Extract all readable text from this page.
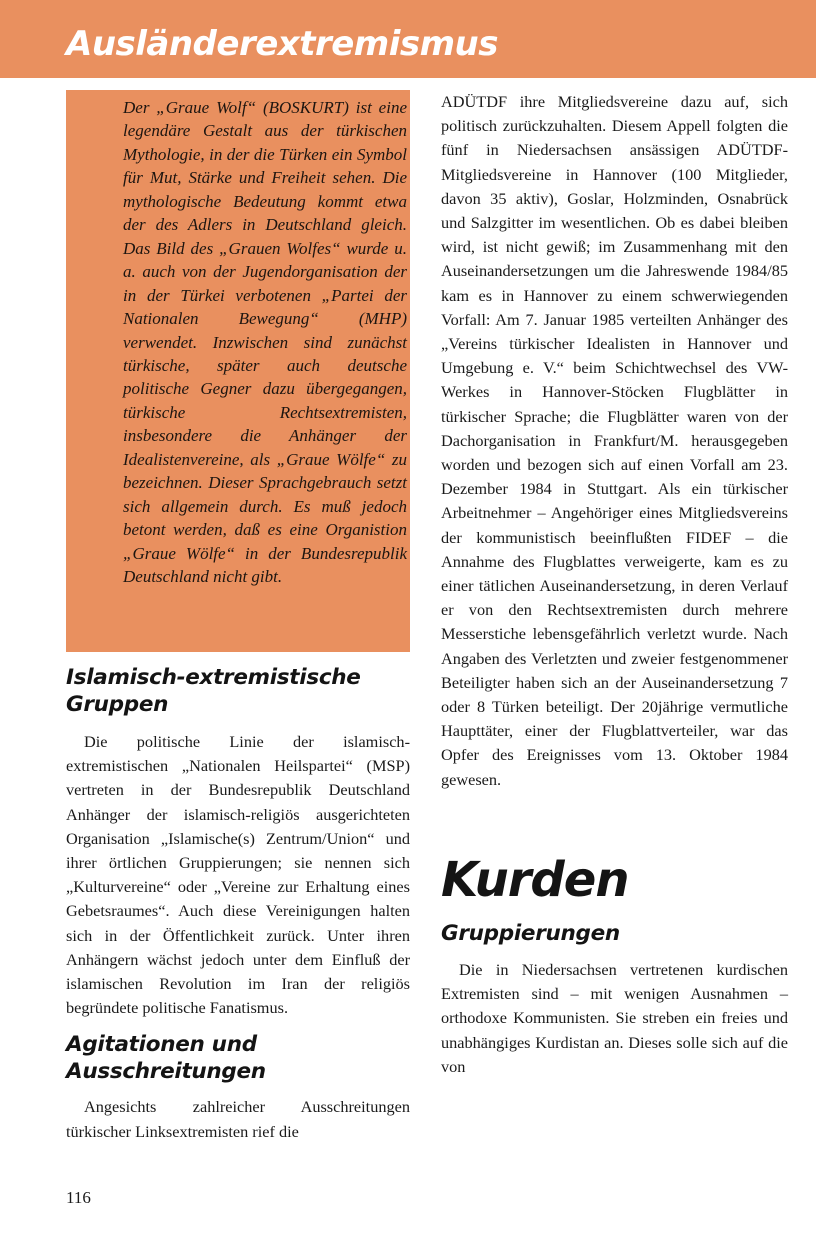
Ausländerextremismus

Der „Graue Wolf“ (BOSKURT) ist eine legendäre Gestalt aus der türkischen Mythologie, in der die Türken ein Symbol für Mut, Stärke und Freiheit sehen. Die mythologische Bedeutung kommt etwa der des Adlers in Deutschland gleich. Das Bild des „Grauen Wolfes“ wurde u. a. auch von der Jugendorganisation der in der Türkei verbotenen „Partei der Nationalen Bewegung“ (MHP) verwendet. Inzwischen sind zunächst türkische, später auch deutsche politische Gegner dazu übergegangen, türkische Rechtsextremisten, insbesondere die Anhänger der Idealistenvereine, als „Graue Wölfe“ zu bezeichnen. Dieser Sprachgebrauch setzt sich allgemein durch. Es muß jedoch betont werden, daß es eine Organistion „Graue Wölfe“ in der Bundesrepublik Deutschland nicht gibt.

Islamisch-extremistische Gruppen

Die politische Linie der islamisch-extremistischen „Nationalen Heilspartei“ (MSP) vertreten in der Bundesrepublik Deutschland Anhänger der islamisch-religiös ausgerichteten Organisation „Islamische(s) Zentrum/Union“ und ihrer örtlichen Gruppierungen; sie nennen sich „Kulturvereine“ oder „Vereine zur Erhaltung eines Gebetsraumes“. Auch diese Vereinigungen halten sich in der Öffentlichkeit zurück. Unter ihren Anhängern wächst jedoch unter dem Einfluß der islamischen Revolution im Iran der religiös begründete politische Fanatismus.

Agitationen und Ausschreitungen

Angesichts zahlreicher Ausschreitungen türkischer Linksextremisten rief die

ADÜTDF ihre Mitgliedsvereine dazu auf, sich politisch zurückzuhalten. Diesem Appell folgten die fünf in Niedersachsen ansässigen ADÜTDF-Mitgliedsvereine in Hannover (100 Mitglieder, davon 35 aktiv), Goslar, Holzminden, Osnabrück und Salzgitter im wesentlichen. Ob es dabei bleiben wird, ist nicht gewiß; im Zusammenhang mit den Auseinandersetzungen um die Jahreswende 1984/85 kam es in Hannover zu einem schwerwiegenden Vorfall: Am 7. Januar 1985 verteilten Anhänger des „Vereins türkischer Idealisten in Hannover und Umgebung e. V.“ beim Schichtwechsel des VW-Werkes in Hannover-Stöcken Flugblätter in türkischer Sprache; die Flugblätter waren von der Dachorganisation in Frankfurt/M. herausgegeben worden und bezogen sich auf einen Vorfall am 23. Dezember 1984 in Stuttgart. Als ein türkischer Arbeitnehmer – Angehöriger eines Mitgliedsvereins der kommunistisch beeinflußten FIDEF – die Annahme des Flugblattes verweigerte, kam es zu einer tätlichen Auseinandersetzung, in deren Verlauf er von den Rechtsextremisten durch mehrere Messerstiche lebensgefährlich verletzt wurde. Nach Angaben des Verletzten und zweier festgenommener Beteiligter haben sich an der Auseinandersetzung 7 oder 8 Türken beteiligt. Der 20jährige vermutliche Haupttäter, einer der Flugblattverteiler, war das Opfer des Ereignisses vom 13. Oktober 1984 gewesen.

Kurden
Gruppierungen

Die in Niedersachsen vertretenen kurdischen Extremisten sind – mit wenigen Ausnahmen – orthodoxe Kommunisten. Sie streben ein freies und unabhängiges Kurdistan an. Dieses solle sich auf die von

116
